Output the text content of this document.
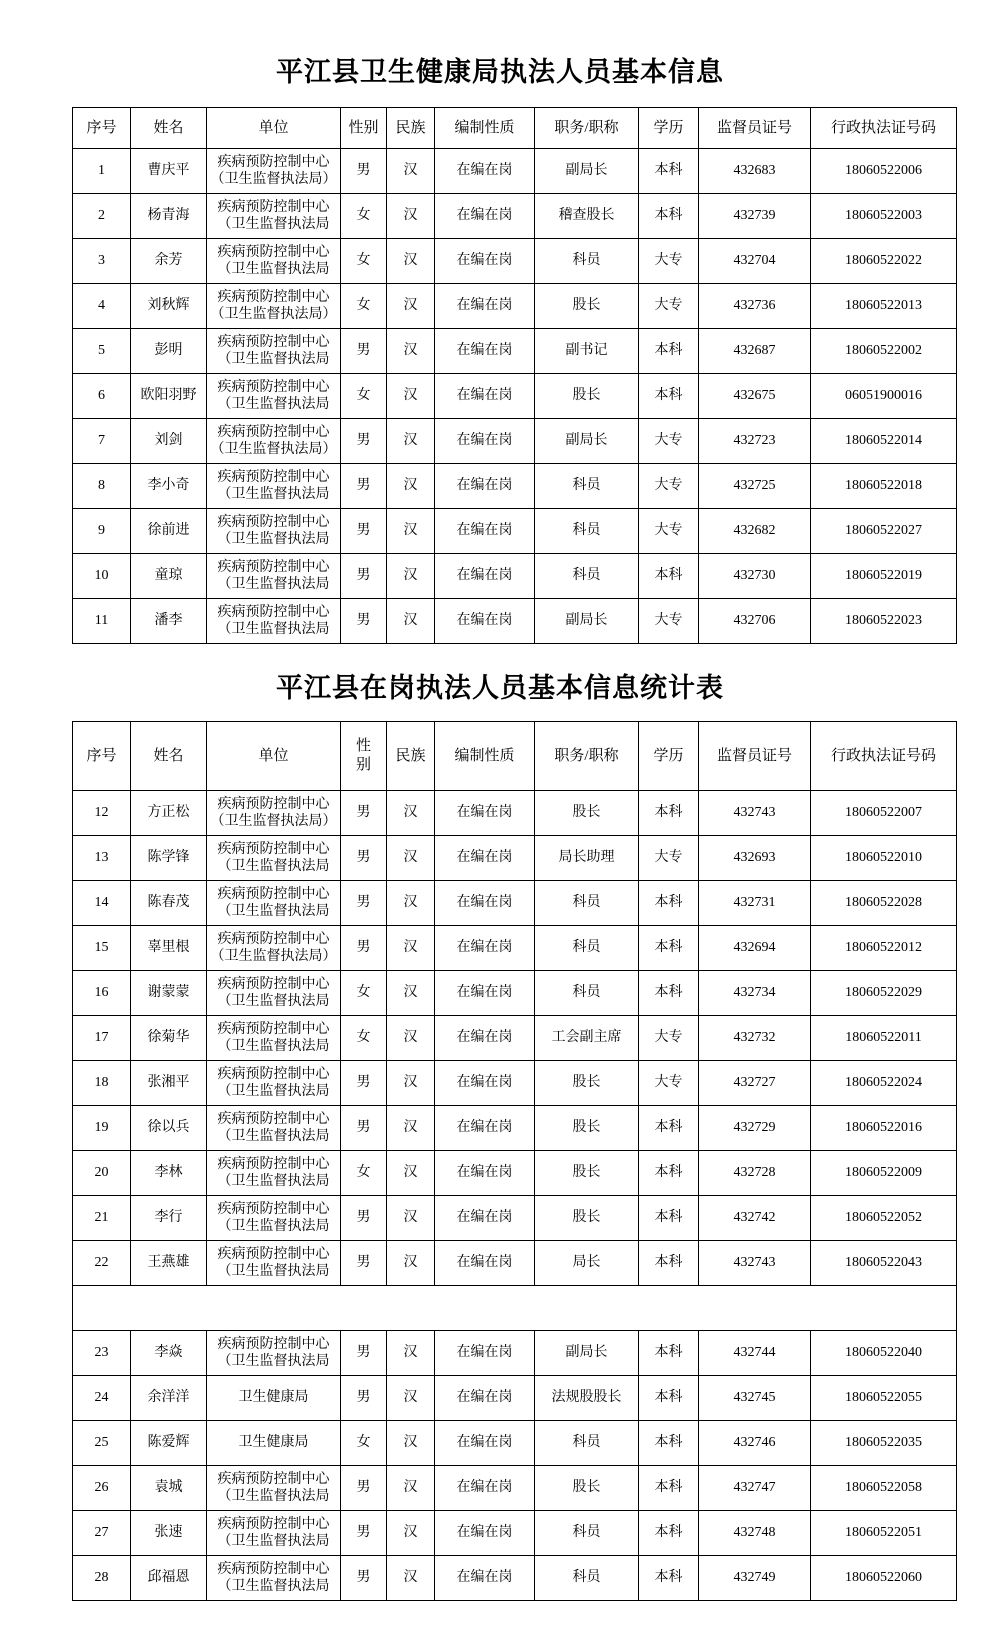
平江县卫生健康局执法人员基本信息
序号	姓名	单位	性别	民族	编制性质	职务/职称	学历	监督员证号	行政执法证号码
1	曹庆平	疾病预防控制中心
（卫生监督执法局）	男	汉	在编在岗	副局长	本科	432683	18060522006
2	杨青海	疾病预防控制中心
（卫生监督执法局	女	汉	在编在岗	稽查股长	本科	432739	18060522003
3	余芳	疾病预防控制中心
（卫生监督执法局	女	汉	在编在岗	科员	大专	432704	18060522022
4	刘秋辉	疾病预防控制中心
（卫生监督执法局）	女	汉	在编在岗	股长	大专	432736	18060522013
5	彭明	疾病预防控制中心
（卫生监督执法局	男	汉	在编在岗	副书记	本科	432687	18060522002
6	欧阳羽野	疾病预防控制中心
（卫生监督执法局	女	汉	在编在岗	股长	本科	432675	06051900016
7	刘剑	疾病预防控制中心
（卫生监督执法局）	男	汉	在编在岗	副局长	大专	432723	18060522014
8	李小奇	疾病预防控制中心
（卫生监督执法局	男	汉	在编在岗	科员	大专	432725	18060522018
9	徐前进	疾病预防控制中心
（卫生监督执法局	男	汉	在编在岗	科员	大专	432682	18060522027
10	童琼	疾病预防控制中心
（卫生监督执法局	男	汉	在编在岗	科员	本科	432730	18060522019
11	潘李	疾病预防控制中心
（卫生监督执法局	男	汉	在编在岗	副局长	大专	432706	18060522023
平江县在岗执法人员基本信息统计表
序号	姓名	单位	性
别	民族	编制性质	职务/职称	学历	监督员证号	行政执法证号码
12	方正松	疾病预防控制中心
（卫生监督执法局）	男	汉	在编在岗	股长	本科	432743	18060522007
13	陈学锋	疾病预防控制中心
（卫生监督执法局	男	汉	在编在岗	局长助理	大专	432693	18060522010
14	陈春茂	疾病预防控制中心
（卫生监督执法局	男	汉	在编在岗	科员	本科	432731	18060522028
15	辜里根	疾病预防控制中心
（卫生监督执法局）	男	汉	在编在岗	科员	本科	432694	18060522012
16	谢蒙蒙	疾病预防控制中心
（卫生监督执法局	女	汉	在编在岗	科员	本科	432734	18060522029
17	徐菊华	疾病预防控制中心
（卫生监督执法局	女	汉	在编在岗	工会副主席	大专	432732	18060522011
18	张湘平	疾病预防控制中心
（卫生监督执法局	男	汉	在编在岗	股长	大专	432727	18060522024
19	徐以兵	疾病预防控制中心
（卫生监督执法局	男	汉	在编在岗	股长	本科	432729	18060522016
20	李林	疾病预防控制中心
（卫生监督执法局	女	汉	在编在岗	股长	本科	432728	18060522009
21	李行	疾病预防控制中心
（卫生监督执法局	男	汉	在编在岗	股长	本科	432742	18060522052
22	王燕雄	疾病预防控制中心
（卫生监督执法局	男	汉	在编在岗	局长	本科	432743	18060522043

23	李焱	疾病预防控制中心
（卫生监督执法局	男	汉	在编在岗	副局长	本科	432744	18060522040
24	余洋洋	卫生健康局	男	汉	在编在岗	法规股股长	本科	432745	18060522055
25	陈爱辉	卫生健康局	女	汉	在编在岗	科员	本科	432746	18060522035
26	袁城	疾病预防控制中心
（卫生监督执法局	男	汉	在编在岗	股长	本科	432747	18060522058
27	张速	疾病预防控制中心
（卫生监督执法局	男	汉	在编在岗	科员	本科	432748	18060522051
28	邱福恩	疾病预防控制中心
（卫生监督执法局	男	汉	在编在岗	科员	本科	432749	18060522060
